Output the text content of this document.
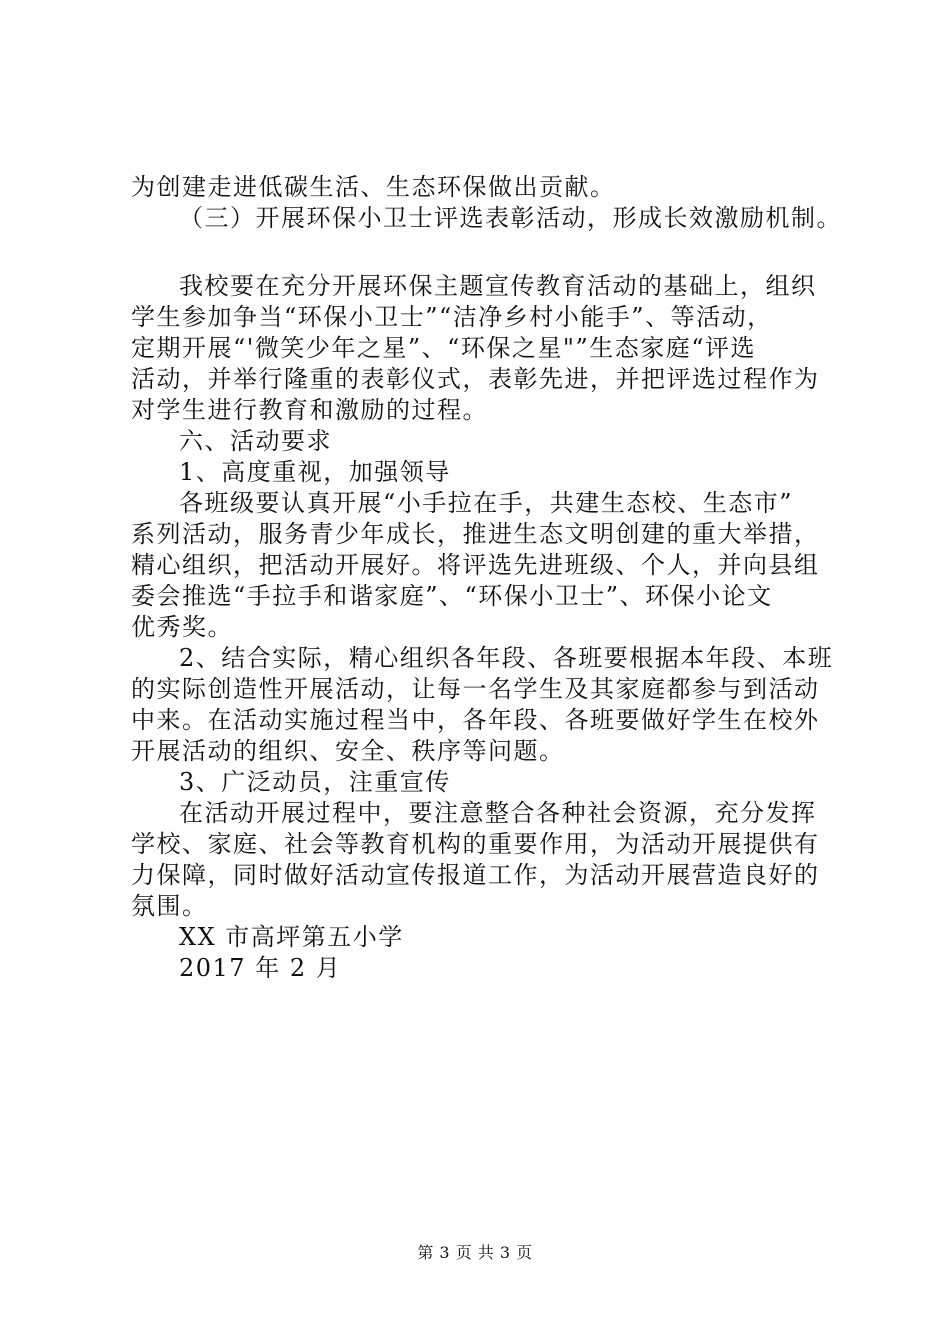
为创建走进低碳生活、生态环保做出贡献。
（三）开展环保小卫士评选表彰活动，形成长效激励机制。
我校要在充分开展环保主题宣传教育活动的基础上，组织
学生参加争当“环保小卫士”“洁净乡村小能手”、等活动，
定期开展“'微笑少年之星”、“环保之星"”生态家庭“评选
活动，并举行隆重的表彰仪式，表彰先进，并把评选过程作为
对学生进行教育和激励的过程。
六、活动要求
1、高度重视，加强领导
各班级要认真开展“小手拉在手，共建生态校、生态市”
系列活动，服务青少年成长，推进生态文明创建的重大举措，
精心组织，把活动开展好。将评选先进班级、个人，并向县组
委会推选“手拉手和谐家庭”、“环保小卫士”、环保小论文
优秀奖。
2、结合实际，精心组织各年段、各班要根据本年段、本班
的实际创造性开展活动，让每一名学生及其家庭都参与到活动
中来。在活动实施过程当中，各年段、各班要做好学生在校外
开展活动的组织、安全、秩序等问题。
3、广泛动员，注重宣传
在活动开展过程中，要注意整合各种社会资源，充分发挥
学校、家庭、社会等教育机构的重要作用，为活动开展提供有
力保障，同时做好活动宣传报道工作，为活动开展营造良好的
氛围。
XX 市高坪第五小学
2017 年 2 月
第 3 页 共 3 页
